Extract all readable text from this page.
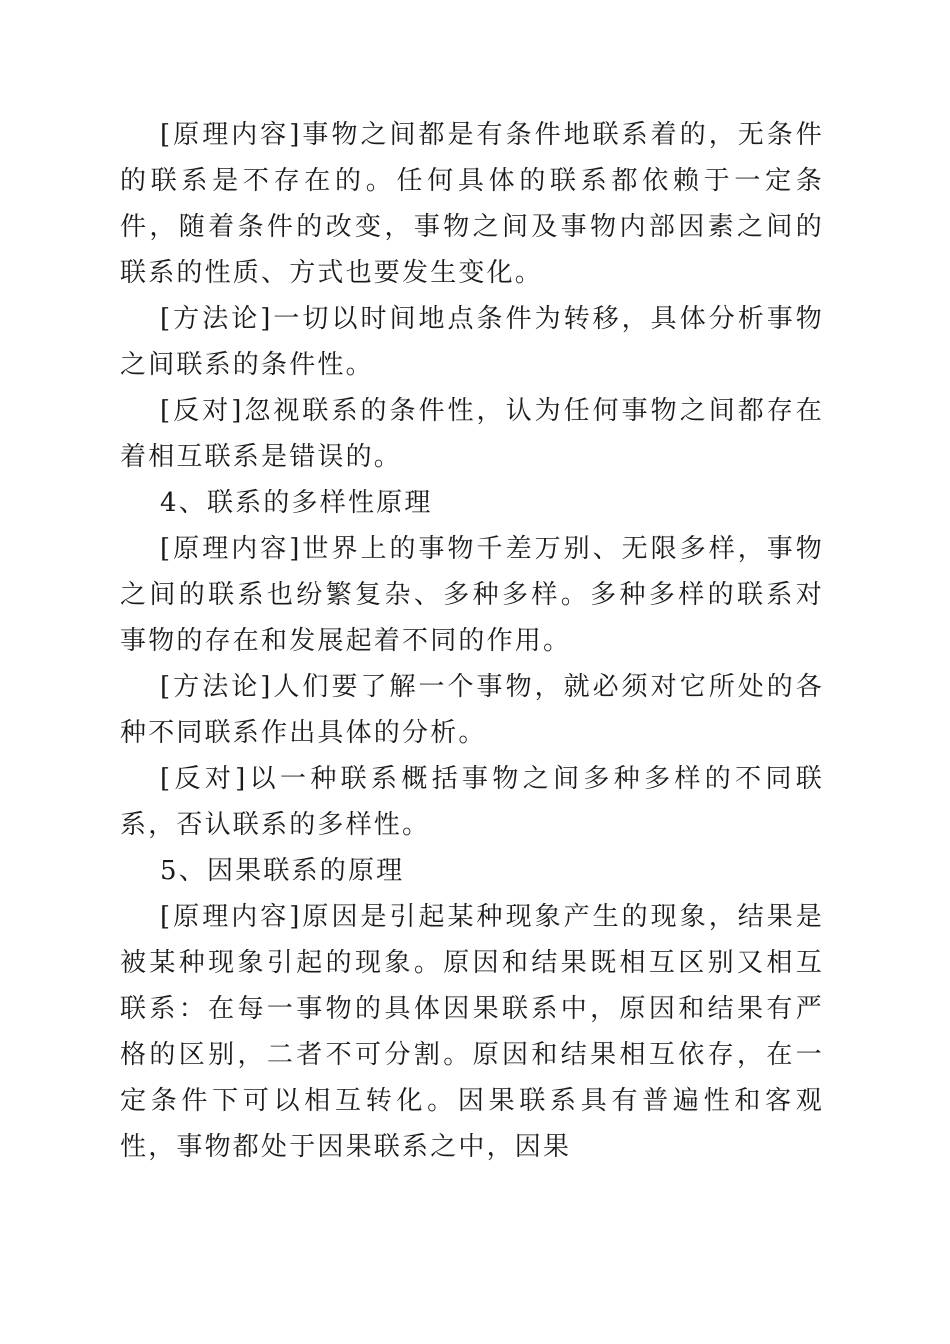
[原理内容]事物之间都是有条件地联系着的，无条件的联系是不存在的。任何具体的联系都依赖于一定条件，随着条件的改变，事物之间及事物内部因素之间的联系的性质、方式也要发生变化。

[方法论]一切以时间地点条件为转移，具体分析事物之间联系的条件性。

[反对]忽视联系的条件性，认为任何事物之间都存在着相互联系是错误的。

4、联系的多样性原理

[原理内容]世界上的事物千差万别、无限多样，事物之间的联系也纷繁复杂、多种多样。多种多样的联系对事物的存在和发展起着不同的作用。

[方法论]人们要了解一个事物，就必须对它所处的各种不同联系作出具体的分析。

[反对]以一种联系概括事物之间多种多样的不同联系，否认联系的多样性。

5、因果联系的原理

[原理内容]原因是引起某种现象产生的现象，结果是被某种现象引起的现象。原因和结果既相互区别又相互联系：在每一事物的具体因果联系中，原因和结果有严格的区别，二者不可分割。原因和结果相互依存，在一定条件下可以相互转化。因果联系具有普遍性和客观性，事物都处于因果联系之中，因果
